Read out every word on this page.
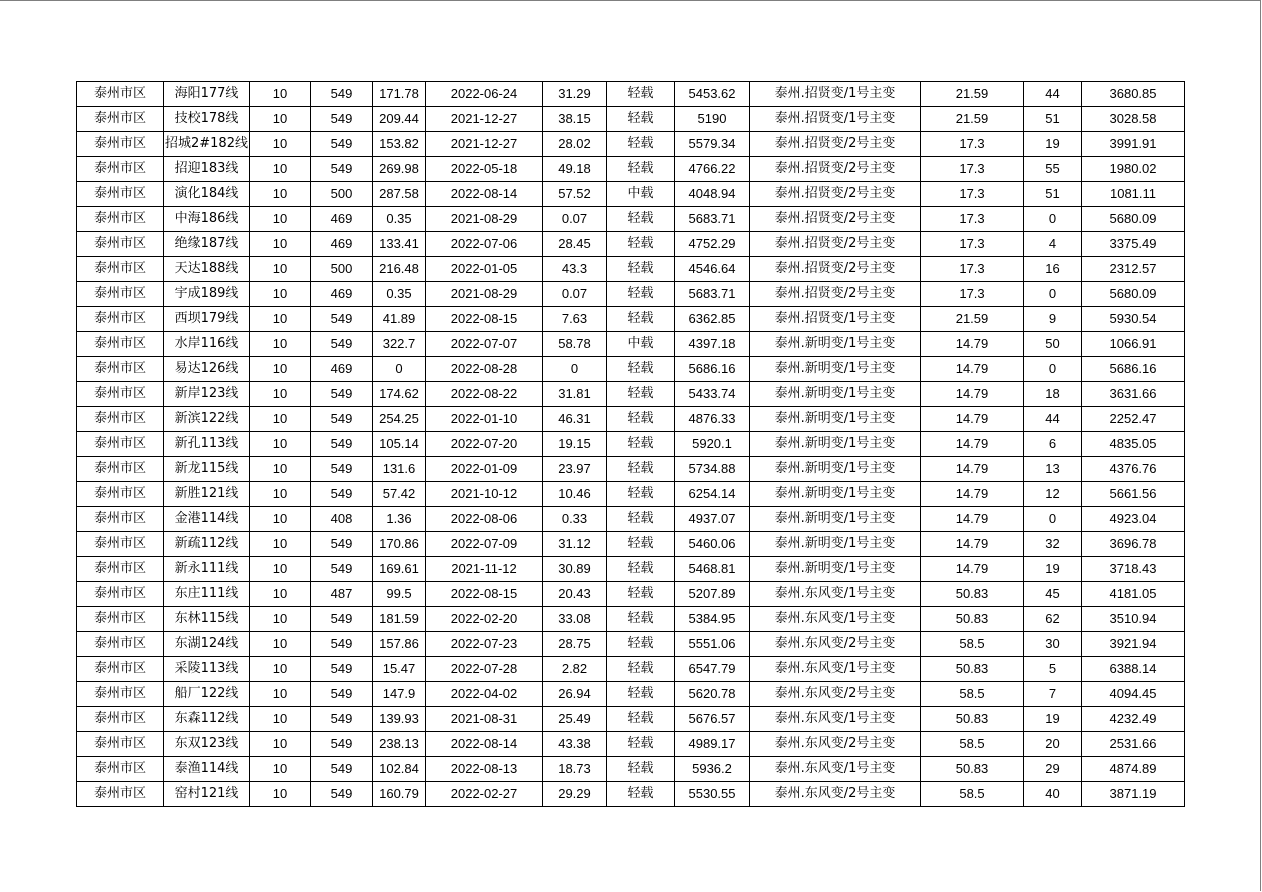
泰州市区	海阳177线	10	549	171.78	2022-06-24	31.29	轻载	5453.62	泰州.招贤变/1号主变	21.59	44	3680.85
泰州市区	技校178线	10	549	209.44	2021-12-27	38.15	轻载	5190	泰州.招贤变/1号主变	21.59	51	3028.58
泰州市区	招城2#182线	10	549	153.82	2021-12-27	28.02	轻载	5579.34	泰州.招贤变/2号主变	17.3	19	3991.91
泰州市区	招迎183线	10	549	269.98	2022-05-18	49.18	轻载	4766.22	泰州.招贤变/2号主变	17.3	55	1980.02
泰州市区	演化184线	10	500	287.58	2022-08-14	57.52	中载	4048.94	泰州.招贤变/2号主变	17.3	51	1081.11
泰州市区	中海186线	10	469	0.35	2021-08-29	0.07	轻载	5683.71	泰州.招贤变/2号主变	17.3	0	5680.09
泰州市区	绝缘187线	10	469	133.41	2022-07-06	28.45	轻载	4752.29	泰州.招贤变/2号主变	17.3	4	3375.49
泰州市区	天达188线	10	500	216.48	2022-01-05	43.3	轻载	4546.64	泰州.招贤变/2号主变	17.3	16	2312.57
泰州市区	宇成189线	10	469	0.35	2021-08-29	0.07	轻载	5683.71	泰州.招贤变/2号主变	17.3	0	5680.09
泰州市区	西坝179线	10	549	41.89	2022-08-15	7.63	轻载	6362.85	泰州.招贤变/1号主变	21.59	9	5930.54
泰州市区	水岸116线	10	549	322.7	2022-07-07	58.78	中载	4397.18	泰州.新明变/1号主变	14.79	50	1066.91
泰州市区	易达126线	10	469	0	2022-08-28	0	轻载	5686.16	泰州.新明变/1号主变	14.79	0	5686.16
泰州市区	新岸123线	10	549	174.62	2022-08-22	31.81	轻载	5433.74	泰州.新明变/1号主变	14.79	18	3631.66
泰州市区	新滨122线	10	549	254.25	2022-01-10	46.31	轻载	4876.33	泰州.新明变/1号主变	14.79	44	2252.47
泰州市区	新孔113线	10	549	105.14	2022-07-20	19.15	轻载	5920.1	泰州.新明变/1号主变	14.79	6	4835.05
泰州市区	新龙115线	10	549	131.6	2022-01-09	23.97	轻载	5734.88	泰州.新明变/1号主变	14.79	13	4376.76
泰州市区	新胜121线	10	549	57.42	2021-10-12	10.46	轻载	6254.14	泰州.新明变/1号主变	14.79	12	5661.56
泰州市区	金港114线	10	408	1.36	2022-08-06	0.33	轻载	4937.07	泰州.新明变/1号主变	14.79	0	4923.04
泰州市区	新疏112线	10	549	170.86	2022-07-09	31.12	轻载	5460.06	泰州.新明变/1号主变	14.79	32	3696.78
泰州市区	新永111线	10	549	169.61	2021-11-12	30.89	轻载	5468.81	泰州.新明变/1号主变	14.79	19	3718.43
泰州市区	东庄111线	10	487	99.5	2022-08-15	20.43	轻载	5207.89	泰州.东风变/1号主变	50.83	45	4181.05
泰州市区	东林115线	10	549	181.59	2022-02-20	33.08	轻载	5384.95	泰州.东风变/1号主变	50.83	62	3510.94
泰州市区	东湖124线	10	549	157.86	2022-07-23	28.75	轻载	5551.06	泰州.东风变/2号主变	58.5	30	3921.94
泰州市区	采陵113线	10	549	15.47	2022-07-28	2.82	轻载	6547.79	泰州.东风变/1号主变	50.83	5	6388.14
泰州市区	船厂122线	10	549	147.9	2022-04-02	26.94	轻载	5620.78	泰州.东风变/2号主变	58.5	7	4094.45
泰州市区	东森112线	10	549	139.93	2021-08-31	25.49	轻载	5676.57	泰州.东风变/1号主变	50.83	19	4232.49
泰州市区	东双123线	10	549	238.13	2022-08-14	43.38	轻载	4989.17	泰州.东风变/2号主变	58.5	20	2531.66
泰州市区	泰渔114线	10	549	102.84	2022-08-13	18.73	轻载	5936.2	泰州.东风变/1号主变	50.83	29	4874.89
泰州市区	窑村121线	10	549	160.79	2022-02-27	29.29	轻载	5530.55	泰州.东风变/2号主变	58.5	40	3871.19
